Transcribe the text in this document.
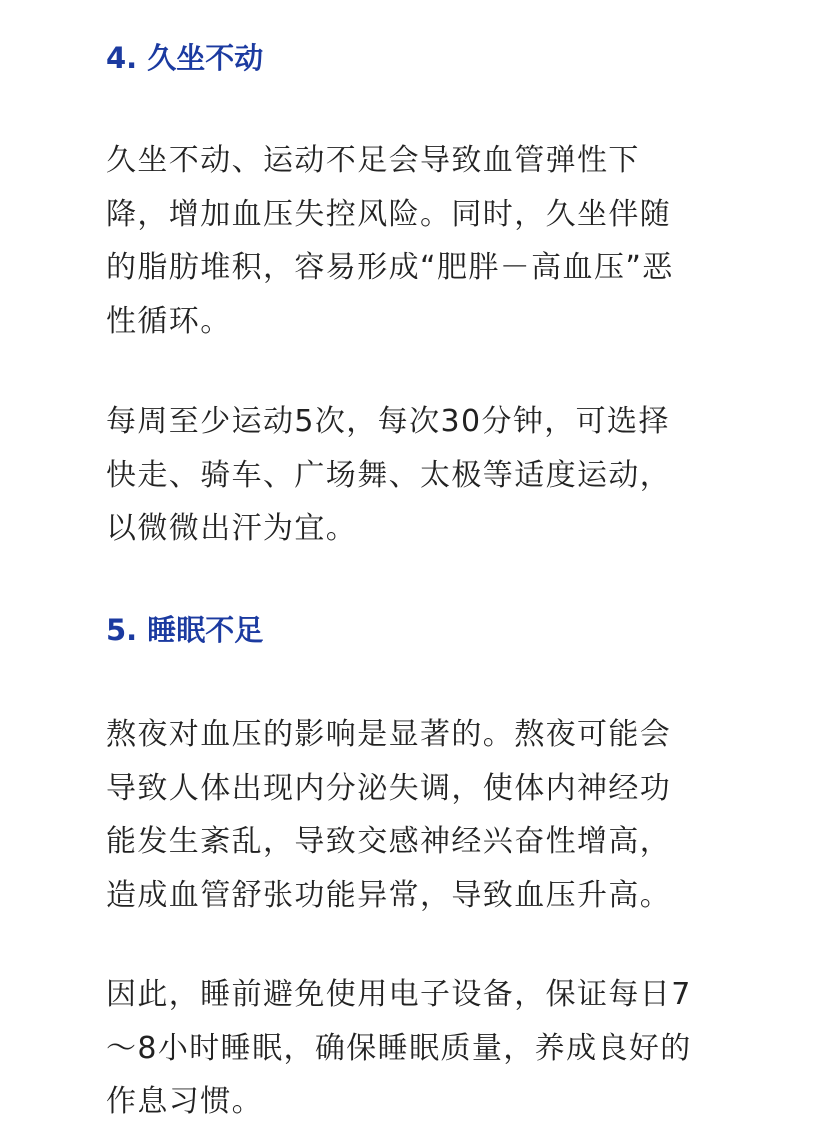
4. 久坐不动

久坐不动、运动不足会导致血管弹性下
降，增加血压失控风险。同时，久坐伴随
的脂肪堆积，容易形成“肥胖－高血压”恶
性循环。

每周至少运动5次，每次30分钟，可选择
快走、骑车、广场舞、太极等适度运动，
以微微出汗为宜。

5. 睡眠不足

熬夜对血压的影响是显著的。熬夜可能会
导致人体出现内分泌失调，使体内神经功
能发生紊乱，导致交感神经兴奋性增高，
造成血管舒张功能异常，导致血压升高。

因此，睡前避免使用电子设备，保证每日7
～8小时睡眠，确保睡眠质量，养成良好的
作息习惯。
